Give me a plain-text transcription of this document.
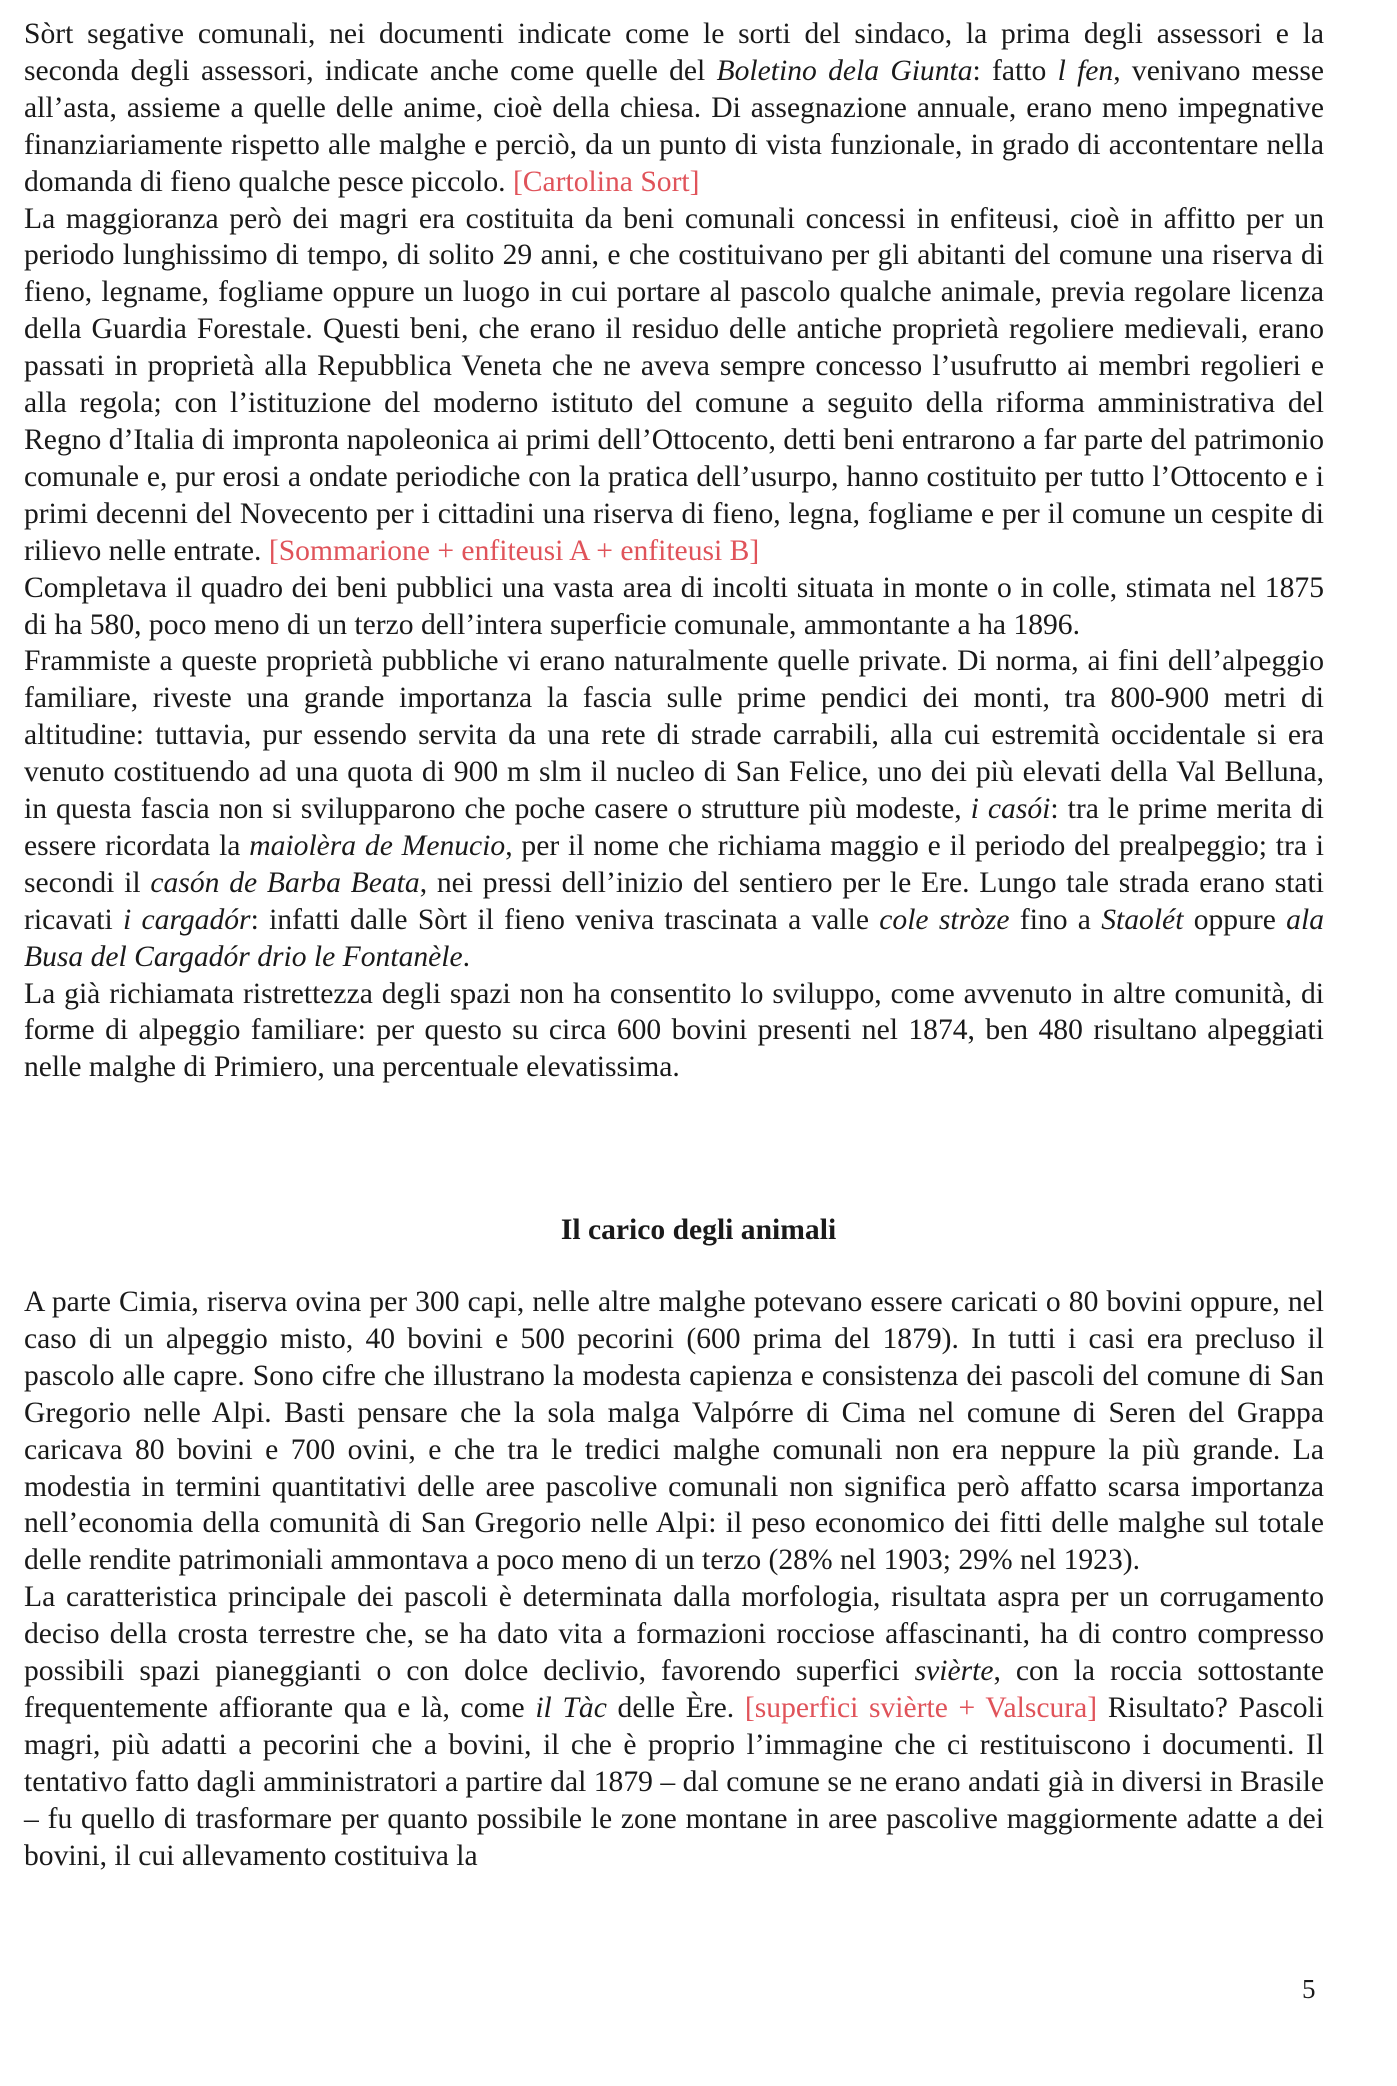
Sòrt segative comunali, nei documenti indicate come le sorti del sindaco, la prima degli assessori e la seconda degli assessori, indicate anche come quelle del Boletino dela Giunta: fatto l fen, venivano messe all’asta, assieme a quelle delle anime, cioè della chiesa. Di assegnazione annuale, erano meno impegnative finanziariamente rispetto alle malghe e perciò, da un punto di vista funzionale, in grado di accontentare nella domanda di fieno qualche pesce piccolo. [Cartolina Sort]

La maggioranza però dei magri era costituita da beni comunali concessi in enfiteusi, cioè in affitto per un periodo lunghissimo di tempo, di solito 29 anni, e che costituivano per gli abitanti del comune una riserva di fieno, legname, fogliame oppure un luogo in cui portare al pascolo qualche animale, previa regolare licenza della Guardia Forestale. Questi beni, che erano il residuo delle antiche proprietà regoliere medievali, erano passati in proprietà alla Repubblica Veneta che ne aveva sempre concesso l’usufrutto ai membri regolieri e alla regola; con l’istituzione del moderno istituto del comune a seguito della riforma amministrativa del Regno d’Italia di impronta napoleonica ai primi dell’Ottocento, detti beni entrarono a far parte del patrimonio comunale e, pur erosi a ondate periodiche con la pratica dell’usurpo, hanno costituito per tutto l’Ottocento e i primi decenni del Novecento per i cittadini una riserva di fieno, legna, fogliame e per il comune un cespite di rilievo nelle entrate. [Sommarione + enfiteusi A + enfiteusi B]

Completava il quadro dei beni pubblici una vasta area di incolti situata in monte o in colle, stimata nel 1875 di ha 580, poco meno di un terzo dell’intera superficie comunale, ammontante a ha 1896.

Frammiste a queste proprietà pubbliche vi erano naturalmente quelle private. Di norma, ai fini dell’alpeggio familiare, riveste una grande importanza la fascia sulle prime pendici dei monti, tra 800-900 metri di altitudine: tuttavia, pur essendo servita da una rete di strade carrabili, alla cui estremità occidentale si era venuto costituendo ad una quota di 900 m slm il nucleo di San Felice, uno dei più elevati della Val Belluna, in questa fascia non si svilupparono che poche casere o strutture più modeste, i casói: tra le prime merita di essere ricordata la maiolèra de Menucio, per il nome che richiama maggio e il periodo del prealpeggio; tra i secondi il casón de Barba Beata, nei pressi dell’inizio del sentiero per le Ere. Lungo tale strada erano stati ricavati i cargadór: infatti dalle Sòrt il fieno veniva trascinata a valle cole stròze fino a Staolét oppure ala Busa del Cargadór drio le Fontanèle.

La già richiamata ristrettezza degli spazi non ha consentito lo sviluppo, come avvenuto in altre comunità, di forme di alpeggio familiare: per questo su circa 600 bovini presenti nel 1874, ben 480 risultano alpeggiati nelle malghe di Primiero, una percentuale elevatissima.

Il carico degli animali

A parte Cimia, riserva ovina per 300 capi, nelle altre malghe potevano essere caricati o 80 bovini oppure, nel caso di un alpeggio misto, 40 bovini e 500 pecorini (600 prima del 1879). In tutti i casi era precluso il pascolo alle capre. Sono cifre che illustrano la modesta capienza e consistenza dei pascoli del comune di San Gregorio nelle Alpi. Basti pensare che la sola malga Valpórre di Cima nel comune di Seren del Grappa caricava 80 bovini e 700 ovini, e che tra le tredici malghe comunali non era neppure la più grande. La modestia in termini quantitativi delle aree pascolive comunali non significa però affatto scarsa importanza nell’economia della comunità di San Gregorio nelle Alpi: il peso economico dei fitti delle malghe sul totale delle rendite patrimoniali ammontava a poco meno di un terzo (28% nel 1903; 29% nel 1923).

La caratteristica principale dei pascoli è determinata dalla morfologia, risultata aspra per un corrugamento deciso della crosta terrestre che, se ha dato vita a formazioni rocciose affascinanti, ha di contro compresso possibili spazi pianeggianti o con dolce declivio, favorendo superfici svièrte, con la roccia sottostante frequentemente affiorante qua e là, come il Tàc delle Ère. [superfici svièrte + Valscura] Risultato? Pascoli magri, più adatti a pecorini che a bovini, il che è proprio l’immagine che ci restituiscono i documenti. Il tentativo fatto dagli amministratori a partire dal 1879 – dal comune se ne erano andati già in diversi in Brasile – fu quello di trasformare per quanto possibile le zone montane in aree pascolive maggiormente adatte a dei bovini, il cui allevamento costituiva la

5
